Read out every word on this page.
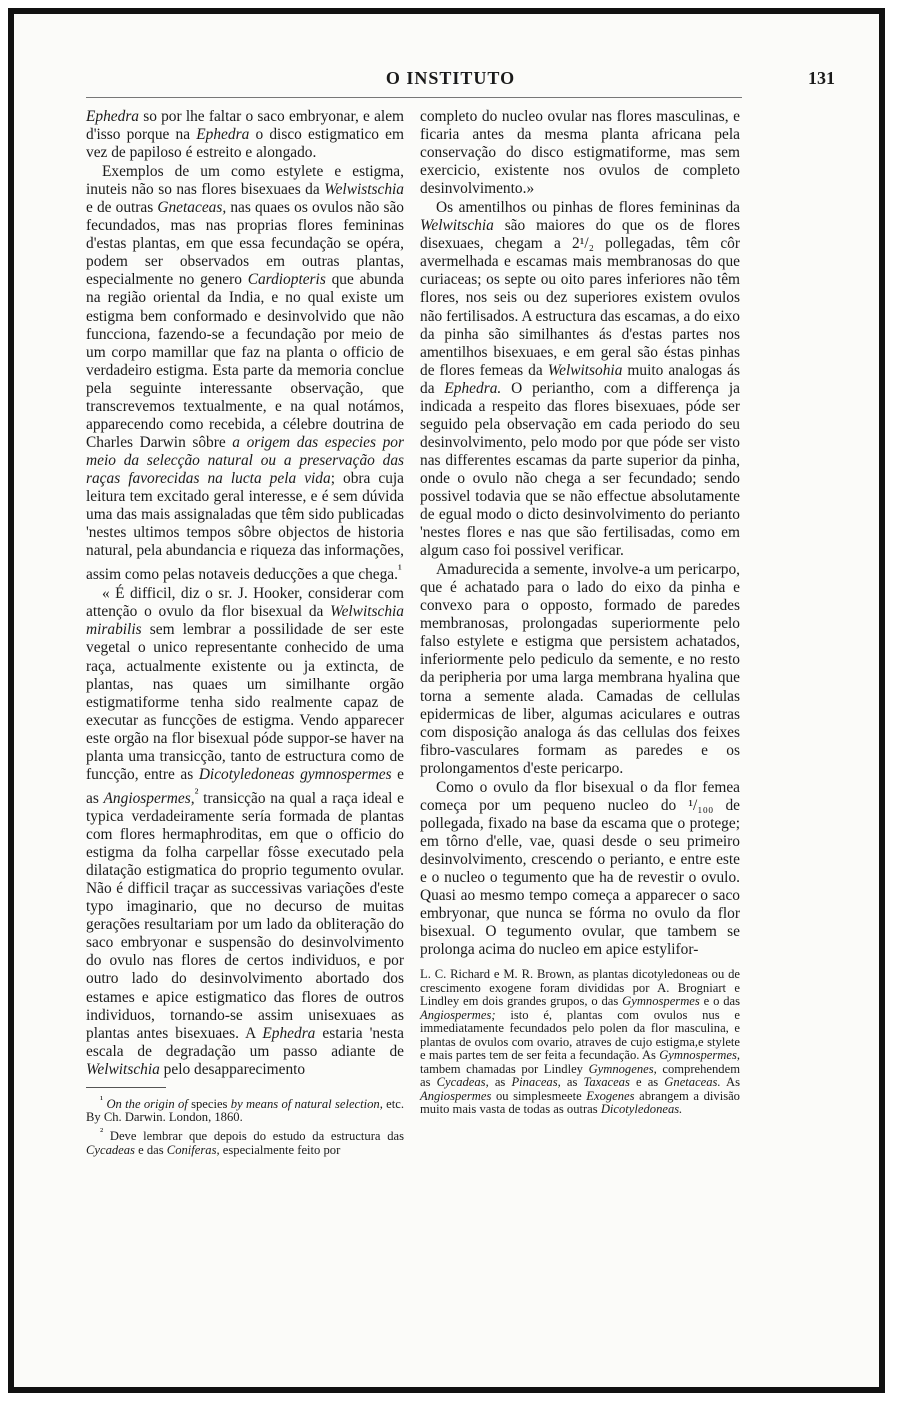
O INSTITUTO	131

Ephedra so por lhe faltar o saco embryonar, e alem d'isso porque na Ephedra o disco estigmatico em vez de papiloso é estreito e alongado.

Exemplos de um como estylete e estigma, inuteis não so nas flores bisexuaes da Welwistschia e de outras Gnetaceas, nas quaes os ovulos não são fecundados, mas nas proprias flores femininas d'estas plantas, em que essa fecundação se opéra, podem ser observados em outras plantas, especialmente no genero Cardiopteris que abunda na região oriental da India, e no qual existe um estigma bem conformado e desinvolvido que não funcciona, fazendo-se a fecundação por meio de um corpo mamillar que faz na planta o officio de verdadeiro estigma. Esta parte da memoria conclue pela seguinte interessante observação, que transcrevemos textualmente, e na qual notámos, apparecendo como recebida, a célebre doutrina de Charles Darwin sôbre a origem das especies por meio da selecção natural ou a preservação das raças favorecidas na lucta pela vida; obra cuja leitura tem excitado geral interesse, e é sem dúvida uma das mais assignaladas que têm sido publicadas 'nestes ultimos tempos sôbre objectos de historia natural, pela abundancia e riqueza das informações, assim como pelas notaveis deducções a que chega.$^{^1}$

« É difficil, diz o sr. J. Hooker, considerar com attenção o ovulo da flor bisexual da Welwitschia mirabilis sem lembrar a possilidade de ser este vegetal o unico representante conhecido de uma raça, actualmente existente ou ja extincta, de plantas, nas quaes um similhante orgão estigmatiforme tenha sido realmente capaz de executar as funcções de estigma. Vendo apparecer este orgão na flor bisexual póde suppor-se haver na planta uma transicção, tanto de estructura como de funcção, entre as Dicotyledoneas gymnospermes e as Angiospermes,$^{^2}$ transicção na qual a raça ideal e typica verdadeiramente sería formada de plantas com flores hermaphroditas, em que o officio do estigma da folha carpellar fôsse executado pela dilatação estigmatica do proprio tegumento ovular. Não é difficil traçar as successivas variações d'este typo imaginario, que no decurso de muitas gerações resultariam por um lado da obliteração do saco embryonar e suspensão do desinvolvimento do ovulo nas flores de certos individuos, e por outro lado do desinvolvimento abortado dos estames e apice estigmatico das flores de outros individuos, tornando-se assim unisexuaes as plantas antes bisexuaes. A Ephedra estaria 'nesta escala de degradação um passo adiante de Welwitschia pelo desapparecimento

$^{^1}$ On the origin of species by means of natural selection, etc. By Ch. Darwin. London, 1860.

$^{^2}$ Deve lembrar que depois do estudo da estructura das Cycadeas e das Coniferas, especialmente feito por

completo do nucleo ovular nas flores masculinas, e ficaria antes da mesma planta africana pela conservação do disco estigmatiforme, mas sem exercicio, existente nos ovulos de completo desinvolvimento.»

Os amentilhos ou pinhas de flores femininas da Welwitschia são maiores do que os de flores disexuaes, chegam a 2¹/₂ pollegadas, têm côr avermelhada e escamas mais membranosas do que curiaceas; os septe ou oito pares inferiores não têm flores, nos seis ou dez superiores existem ovulos não fertilisados. A estructura das escamas, a do eixo da pinha são similhantes ás d'estas partes nos amentilhos bisexuaes, e em geral são éstas pinhas de flores femeas da Welwitsohia muito analogas ás da Ephedra. O periantho, com a differença ja indicada a respeito das flores bisexuaes, póde ser seguido pela observação em cada periodo do seu desinvolvimento, pelo modo por que póde ser visto nas differentes escamas da parte superior da pinha, onde o ovulo não chega a ser fecundado; sendo possivel todavia que se não effectue absolutamente de egual modo o dicto desinvolvimento do perianto 'nestes flores e nas que são fertilisadas, como em algum caso foi possivel verificar.

Amadurecida a semente, involve-a um pericarpo, que é achatado para o lado do eixo da pinha e convexo para o opposto, formado de paredes membranosas, prolongadas superiormente pelo falso estylete e estigma que persistem achatados, inferiormente pelo pediculo da semente, e no resto da peripheria por uma larga membrana hyalina que torna a semente alada. Camadas de cellulas epidermicas de liber, algumas aciculares e outras com disposição analoga ás das cellulas dos feixes fibro-vasculares formam as paredes e os prolongamentos d'este pericarpo.

Como o ovulo da flor bisexual o da flor femea começa por um pequeno nucleo do ¹/₁₀₀ de pollegada, fixado na base da escama que o protege; em tôrno d'elle, vae, quasi desde o seu primeiro desinvolvimento, crescendo o perianto, e entre este e o nucleo o tegumento que ha de revestir o ovulo. Quasi ao mesmo tempo começa a apparecer o saco embryonar, que nunca se fórma no ovulo da flor bisexual. O tegumento ovular, que tambem se prolonga acima do nucleo em apice estylifor-

L. C. Richard e M. R. Brown, as plantas dicotyledoneas ou de crescimento exogene foram divididas por A. Brogniart e Lindley em dois grandes grupos, o das Gymnospermes e o das Angiospermes; isto é, plantas com ovulos nus e immediatamente fecundados pelo polen da flor masculina, e plantas de ovulos com ovario, atraves de cujo estigma,e stylete e mais partes tem de ser feita a fecundação. As Gymnospermes, tambem chamadas por Lindley Gymnogenes, comprehendem as Cycadeas, as Pinaceas, as Taxaceas e as Gnetaceas. As Angiospermes ou simplesmeete Exogenes abrangem a divisão muito mais vasta de todas as outras Dicotyledoneas.
